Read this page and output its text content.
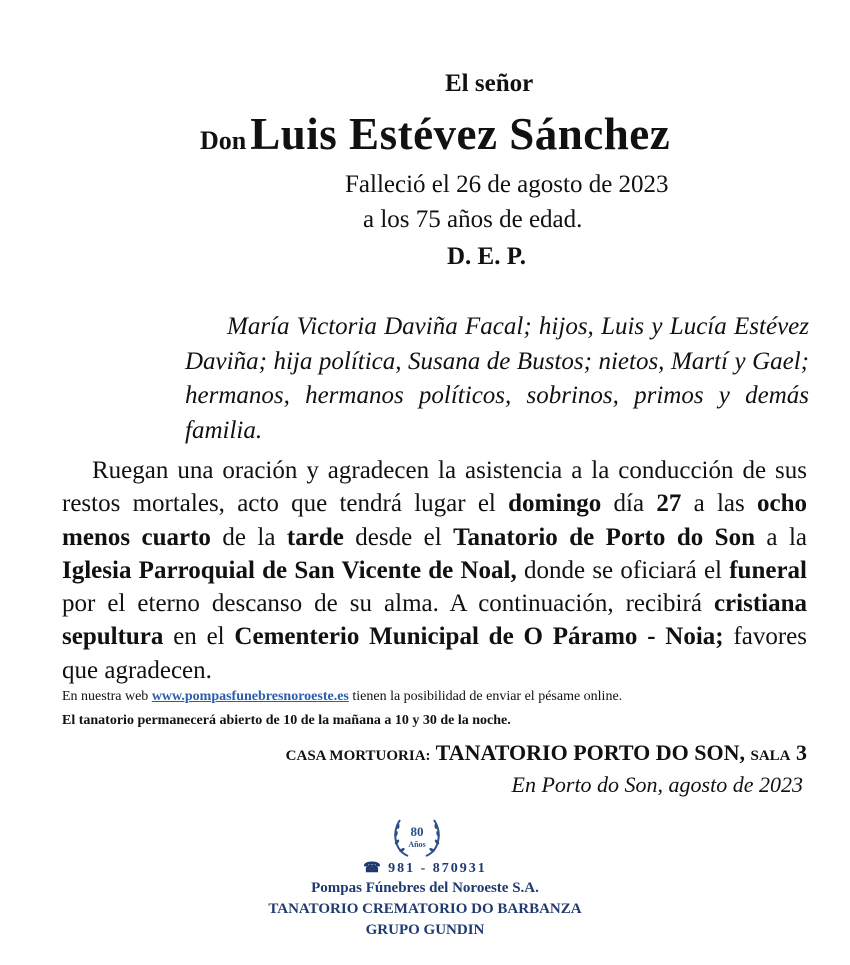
El señor
Don Luis Estévez Sánchez
Falleció el 26 de agosto de 2023
a los 75 años de edad.
D. E. P.
María Victoria Daviña Facal; hijos, Luis y Lucía Estévez Daviña; hija política, Susana de Bustos; nietos, Martí y Gael; hermanos, hermanos políticos, sobrinos, primos y demás familia.
Ruegan una oración y agradecen la asistencia a la conducción de sus restos mortales, acto que tendrá lugar el domingo día 27 a las ocho menos cuarto de la tarde desde el Tanatorio de Porto do Son a la Iglesia Parroquial de San Vicente de Noal, donde se oficiará el funeral por el eterno descanso de su alma. A continuación, recibirá cristiana sepultura en el Cementerio Municipal de O Páramo - Noia; favores que agradecen.
En nuestra web www.pompasfunebresnoroeste.es tienen la posibilidad de enviar el pésame online.
El tanatorio permanecerá abierto de 10 de la mañana a 10 y 30 de la noche.
CASA MORTUORIA: TANATORIO PORTO DO SON, SALA 3
En Porto do Son, agosto de 2023
80
Años
☎ 981 - 870931
Pompas Fúnebres del Noroeste S.A.
TANATORIO CREMATORIO DO BARBANZA
GRUPO GUNDIN
